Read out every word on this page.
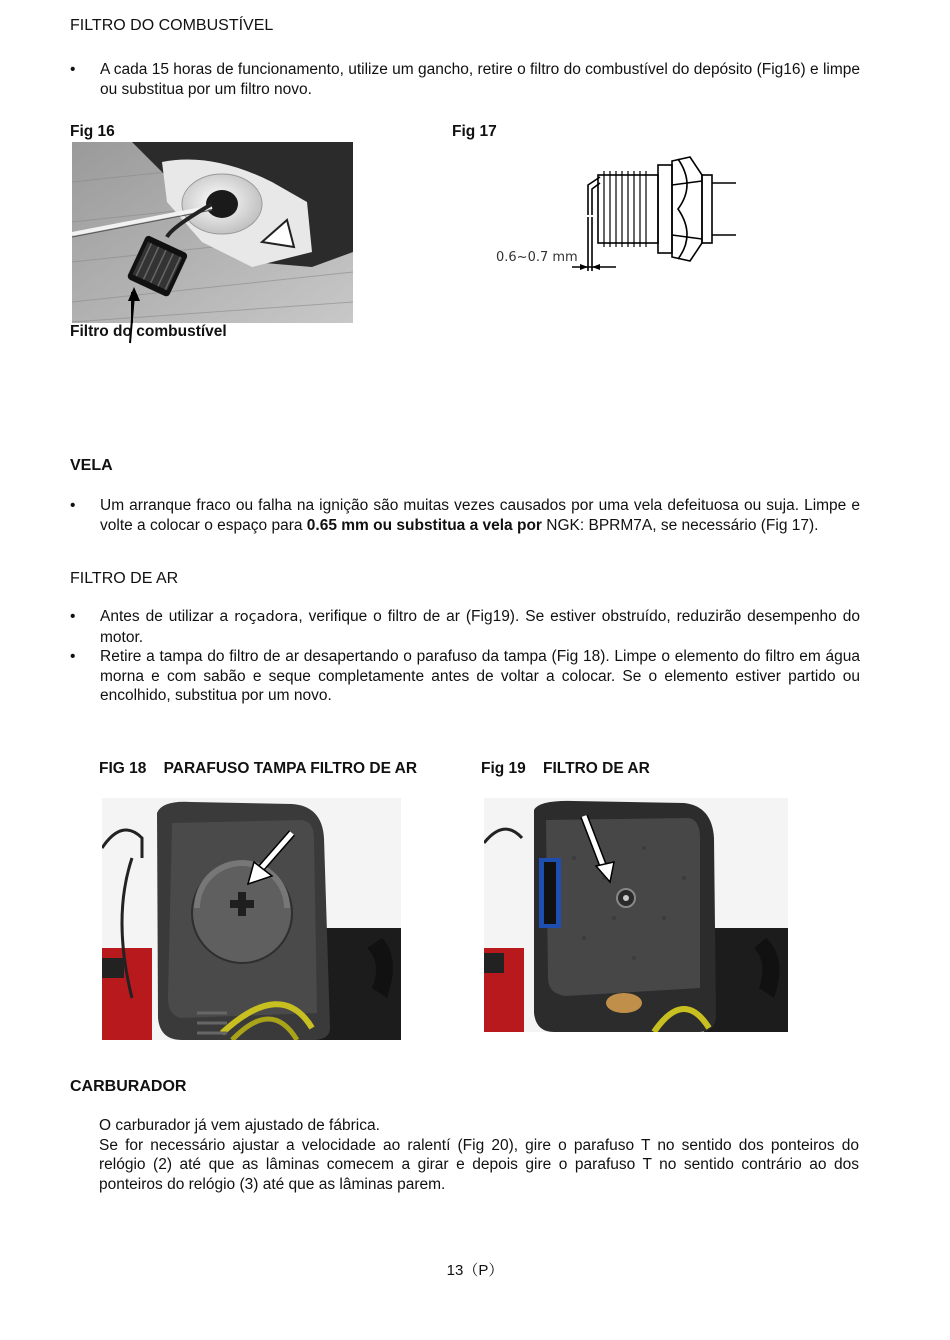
FILTRO DO COMBUSTÍVEL
• A cada 15 horas de funcionamento, utilize um gancho, retire o filtro do combustível do depósito (Fig16) e limpe ou substitua por um filtro novo.
Fig 16	Fig 17
Filtro do combustível
0.6~0.7 mm
VELA
• Um arranque fraco ou falha na ignição são muitas vezes causados por uma vela defeituosa ou suja. Limpe e volte a colocar o espaço para 0.65 mm ou substitua a vela por NGK: BPRM7A, se necessário (Fig 17).
FILTRO DE AR
• Antes de utilizar a roçadora, verifique o filtro de ar (Fig19). Se estiver obstruído, reduzirão desempenho do motor.
• Retire a tampa do filtro de ar desapertando o parafuso da tampa (Fig 18). Limpe o elemento do filtro em água morna e com sabão e seque completamente antes de voltar a colocar. Se o elemento estiver partido ou encolhido, substitua por um novo.
FIG 18    PARAFUSO TAMPA FILTRO DE AR	Fig 19    FILTRO DE AR
CARBURADOR
O carburador já vem ajustado de fábrica.
Se for necessário ajustar a velocidade ao ralentí (Fig 20), gire o parafuso T no sentido dos ponteiros do relógio (2) até que as lâminas comecem a girar e depois gire o parafuso T no sentido contrário ao dos ponteiros do relógio (3) até que as lâminas parem.
13（P）
